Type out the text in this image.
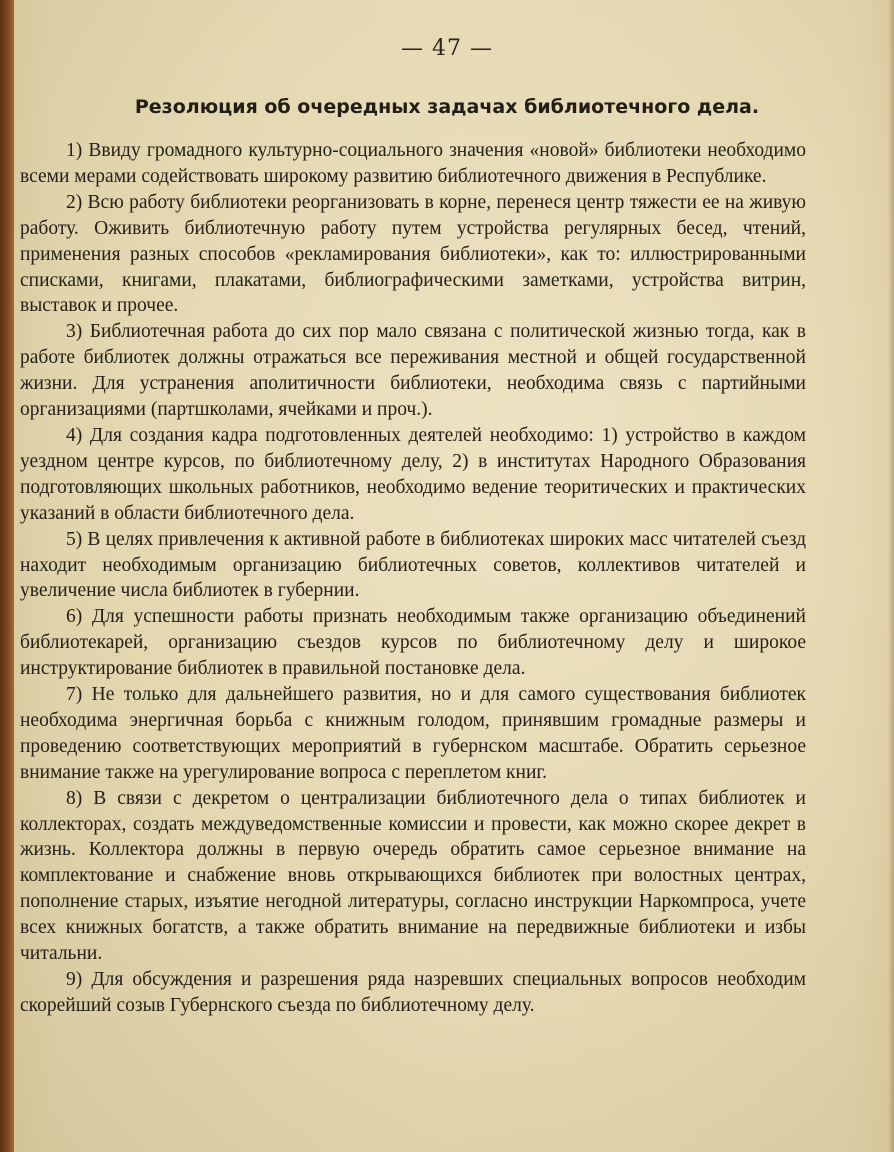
— 47 —
Резолюция об очередных задачах библиотечного дела.

1) Ввиду громадного культурно-социального значения «новой» библиотеки необходимо всеми мерами содействовать широкому развитию библиотечного движения в Республике.

2) Всю работу библиотеки реорганизовать в корне, перенеся центр тяжести ее на живую работу. Оживить библиотечную работу путем устройства регулярных бесед, чтений, применения разных способов «рекламирования библиотеки», как то: иллюстрированными списками, книгами, плакатами, библиографическими заметками, устройства витрин, выставок и прочее.

3) Библиотечная работа до сих пор мало связана с политической жизнью тогда, как в работе библиотек должны отражаться все переживания местной и общей государственной жизни. Для устранения аполитичности библиотеки, необходима связь с партийными организациями (партшколами, ячейками и проч.).

4) Для создания кадра подготовленных деятелей необходимо: 1) устройство в каждом уездном центре курсов, по библиотечному делу, 2) в институтах Народного Образования подготовляющих школьных работников, необходимо ведение теоритических и практических указаний в области библиотечного дела.

5) В целях привлечения к активной работе в библиотеках широких масс читателей съезд находит необходимым организацию библиотечных советов, коллективов читателей и увеличение числа библиотек в губернии.

6) Для успешности работы признать необходимым также организацию объединений библиотекарей, организацию съездов курсов по библиотечному делу и широкое инструктирование библиотек в правильной постановке дела.

7) Не только для дальнейшего развития, но и для самого существования библиотек необходима энергичная борьба с книжным голодом, принявшим громадные размеры и проведению соответствующих мероприятий в губернском масштабе. Обратить серьезное внимание также на урегулирование вопроса с переплетом книг.

8) В связи с декретом о централизации библиотечного дела о типах библиотек и коллекторах, создать междуведомственные комиссии и провести, как можно скорее декрет в жизнь. Коллектора должны в первую очередь обратить самое серьезное внимание на комплектование и снабжение вновь открывающихся библиотек при волостных центрах, пополнение старых, изъятие негодной литературы, согласно инструкции Наркомпроса, учете всех книжных богатств, а также обратить внимание на передвижные библиотеки и избы читальни.

9) Для обсуждения и разрешения ряда назревших специальных вопросов необходим скорейший созыв Губернского съезда по библиотечному делу.
